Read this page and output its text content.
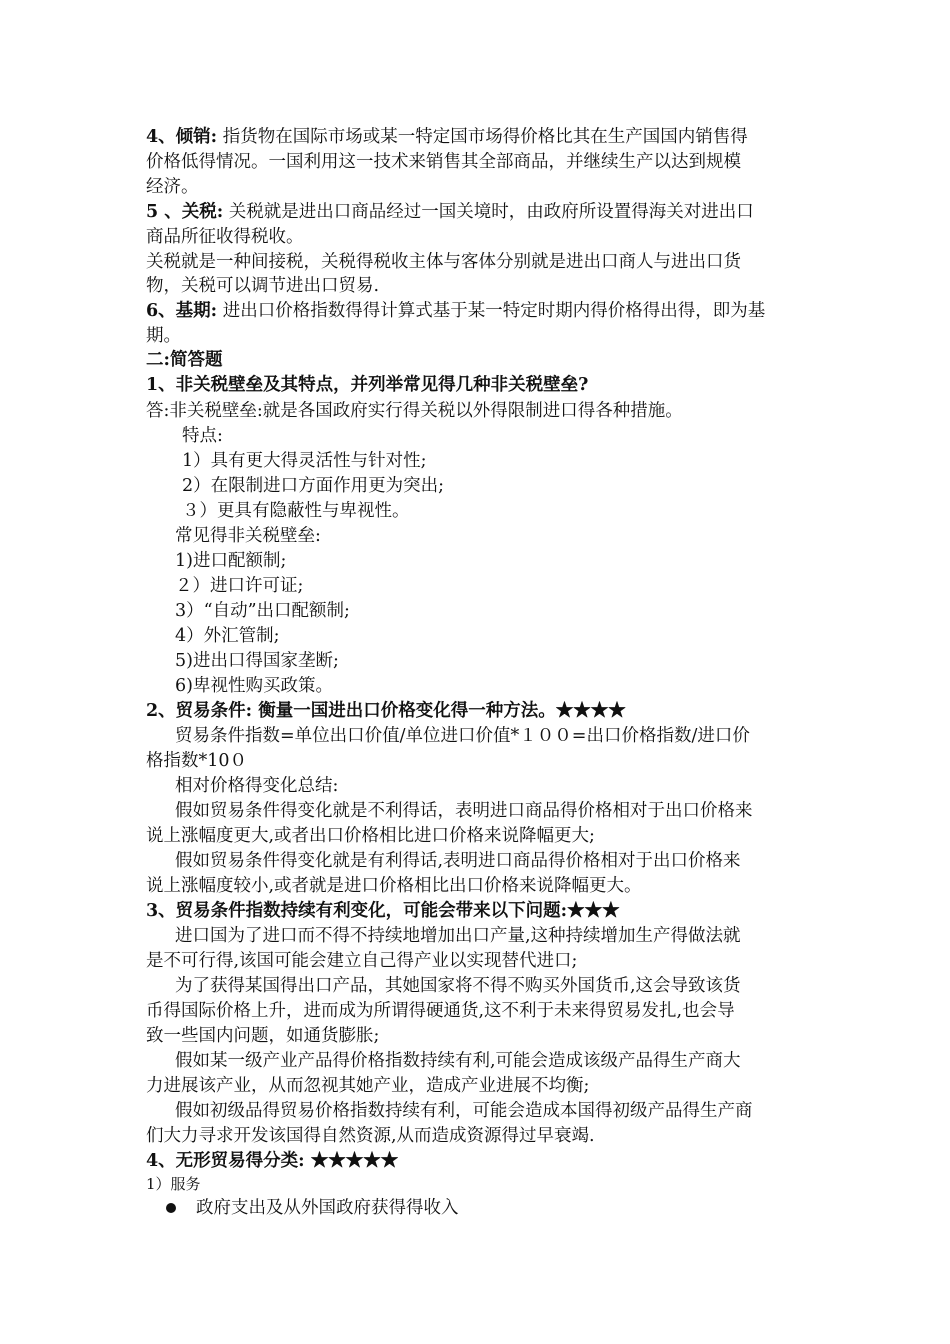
4、倾销: 指货物在国际市场或某一特定国市场得价格比其在生产国国内销售得
价格低得情况。一国利用这一技术来销售其全部商品，并继续生产以达到规模
经济。
5 、关税: 关税就是进出口商品经过一国关境时，由政府所设置得海关对进出口
商品所征收得税收。
关税就是一种间接税，关税得税收主体与客体分别就是进出口商人与进出口货
物，关税可以调节进出口贸易.
6、基期: 进出口价格指数得得计算式基于某一特定时期内得价格得出得，即为基
期。
二:简答题
1、非关税壁垒及其特点，并列举常见得几种非关税壁垒?
答:非关税壁垒:就是各国政府实行得关税以外得限制进口得各种措施。
特点:
1）具有更大得灵活性与针对性;
2）在限制进口方面作用更为突出;
３）更具有隐蔽性与卑视性。
常见得非关税壁垒:
1)进口配额制;
２）进口许可证;
3）“自动”出口配额制;
4）外汇管制;
5)进出口得国家垄断;
6)卑视性购买政策。
2、贸易条件: 衡量一国进出口价格变化得一种方法。★★★★
贸易条件指数=单位出口价值/单位进口价值*１００=出口价格指数/进口价
格指数*10０
相对价格得变化总结:
假如贸易条件得变化就是不利得话，表明进口商品得价格相对于出口价格来
说上涨幅度更大,或者出口价格相比进口价格来说降幅更大;
假如贸易条件得变化就是有利得话,表明进口商品得价格相对于出口价格来
说上涨幅度较小,或者就是进口价格相比出口价格来说降幅更大。
3、贸易条件指数持续有利变化，可能会带来以下问题:★★★
进口国为了进口而不得不持续地增加出口产量,这种持续增加生产得做法就
是不可行得,该国可能会建立自己得产业以实现替代进口;
为了获得某国得出口产品，其她国家将不得不购买外国货币,这会导致该货
币得国际价格上升，进而成为所谓得硬通货,这不利于未来得贸易发扎,也会导
致一些国内问题，如通货膨胀;
假如某一级产业产品得价格指数持续有利,可能会造成该级产品得生产商大
力进展该产业，从而忽视其她产业，造成产业进展不均衡;
假如初级品得贸易价格指数持续有利，可能会造成本国得初级产品得生产商
们大力寻求开发该国得自然资源,从而造成资源得过早衰竭.
4、无形贸易得分类: ★★★★★
1）服务
政府支出及从外国政府获得得收入
